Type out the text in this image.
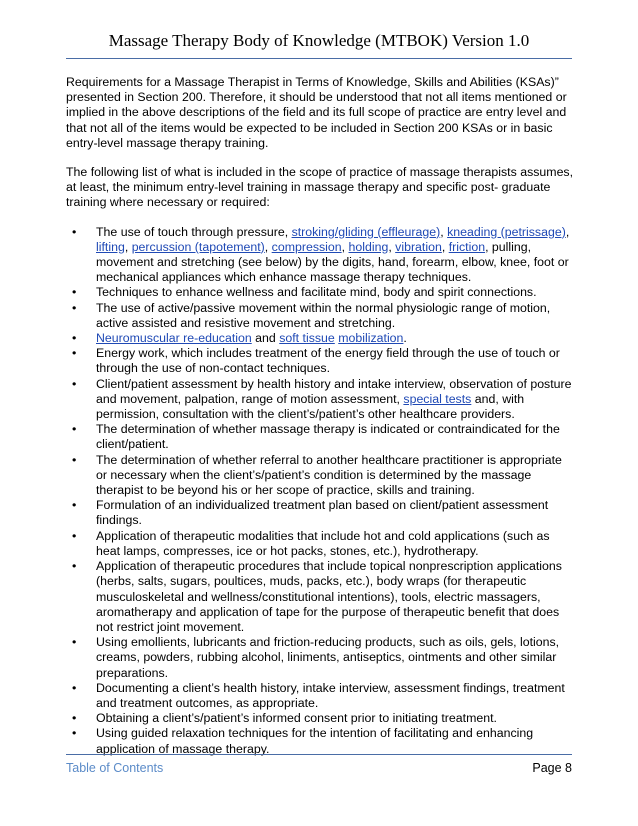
Massage Therapy Body of Knowledge (MTBOK) Version 1.0

Requirements for a Massage Therapist in Terms of Knowledge, Skills and Abilities (KSAs)” presented in Section 200. Therefore, it should be understood that not all items mentioned or implied in the above descriptions of the field and its full scope of practice are entry level and that not all of the items would be expected to be included in Section 200 KSAs or in basic entry-level massage therapy training.

The following list of what is included in the scope of practice of massage therapists assumes, at least, the minimum entry-level training in massage therapy and specific post- graduate training where necessary or required:

• The use of touch through pressure, stroking/gliding (effleurage), kneading (petrissage), lifting, percussion (tapotement), compression, holding, vibration, friction, pulling, movement and stretching (see below) by the digits, hand, forearm, elbow, knee, foot or mechanical appliances which enhance massage therapy techniques.
• Techniques to enhance wellness and facilitate mind, body and spirit connections.
• The use of active/passive movement within the normal physiologic range of motion, active assisted and resistive movement and stretching.
• Neuromuscular re-education and soft tissue mobilization.
• Energy work, which includes treatment of the energy field through the use of touch or through the use of non-contact techniques.
• Client/patient assessment by health history and intake interview, observation of posture and movement, palpation, range of motion assessment, special tests and, with permission, consultation with the client’s/patient’s other healthcare providers.
• The determination of whether massage therapy is indicated or contraindicated for the client/patient.
• The determination of whether referral to another healthcare practitioner is appropriate or necessary when the client’s/patient’s condition is determined by the massage therapist to be beyond his or her scope of practice, skills and training.
• Formulation of an individualized treatment plan based on client/patient assessment findings.
• Application of therapeutic modalities that include hot and cold applications (such as heat lamps, compresses, ice or hot packs, stones, etc.), hydrotherapy.
• Application of therapeutic procedures that include topical nonprescription applications (herbs, salts, sugars, poultices, muds, packs, etc.), body wraps (for therapeutic musculoskeletal and wellness/constitutional intentions), tools, electric massagers, aromatherapy and application of tape for the purpose of therapeutic benefit that does not restrict joint movement.
• Using emollients, lubricants and friction-reducing products, such as oils, gels, lotions, creams, powders, rubbing alcohol, liniments, antiseptics, ointments and other similar preparations.
• Documenting a client’s health history, intake interview, assessment findings, treatment and treatment outcomes, as appropriate.
• Obtaining a client’s/patient’s informed consent prior to initiating treatment.
• Using guided relaxation techniques for the intention of facilitating and enhancing application of massage therapy.
Table of Contents	Page 8
